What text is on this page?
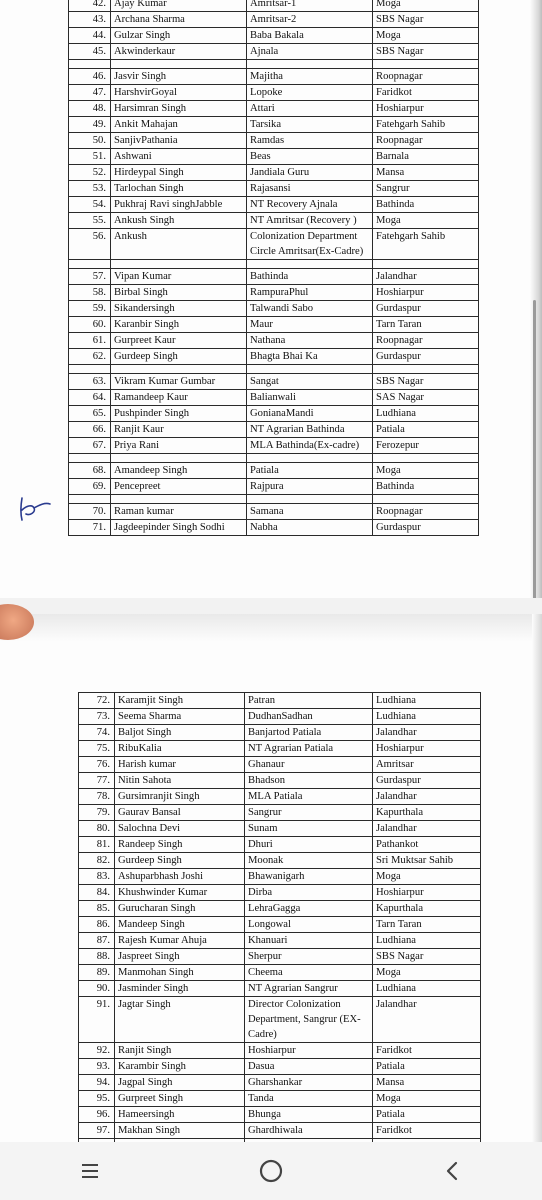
42.	Ajay Kumar	Amritsar-1	Moga
43.	Archana Sharma	Amritsar-2	SBS Nagar
44.	Gulzar Singh	Baba Bakala	Moga
45.	Akwinderkaur	Ajnala	SBS Nagar

46.	Jasvir Singh	Majitha	Roopnagar
47.	HarshvirGoyal	Lopoke	Faridkot
48.	Harsimran Singh	Attari	Hoshiarpur
49.	Ankit Mahajan	Tarsika	Fatehgarh Sahib
50.	SanjivPathania	Ramdas	Roopnagar
51.	Ashwani	Beas	Barnala
52.	Hirdeypal Singh	Jandiala Guru	Mansa
53.	Tarlochan Singh	Rajasansi	Sangrur
54.	Pukhraj Ravi singhJabble	NT Recovery Ajnala	Bathinda
55.	Ankush Singh	NT Amritsar (Recovery )	Moga
56.	Ankush	Colonization Department Circle Amritsar(Ex-Cadre)	Fatehgarh Sahib

57.	Vipan Kumar	Bathinda	Jalandhar
58.	Birbal Singh	RampuraPhul	Hoshiarpur
59.	Sikandersingh	Talwandi Sabo	Gurdaspur
60.	Karanbir Singh	Maur	Tarn Taran
61.	Gurpreet Kaur	Nathana	Roopnagar
62.	Gurdeep Singh	Bhagta Bhai Ka	Gurdaspur

63.	Vikram Kumar Gumbar	Sangat	SBS Nagar
64.	Ramandeep Kaur	Balianwali	SAS Nagar
65.	Pushpinder Singh	GonianaMandi	Ludhiana
66.	Ranjit Kaur	NT Agrarian Bathinda	Patiala
67.	Priya Rani	MLA Bathinda(Ex-cadre)	Ferozepur

68.	Amandeep Singh	Patiala	Moga
69.	Pencepreet	Rajpura	Bathinda

70.	Raman kumar	Samana	Roopnagar
71.	Jagdeepinder Singh Sodhi	Nabha	Gurdaspur
72.	Karamjit Singh	Patran	Ludhiana
73.	Seema Sharma	DudhanSadhan	Ludhiana
74.	Baljot Singh	Banjartod Patiala	Jalandhar
75.	RibuKalia	NT Agrarian Patiala	Hoshiarpur
76.	Harish kumar	Ghanaur	Amritsar
77.	Nitin Sahota	Bhadson	Gurdaspur
78.	Gursimranjit Singh	MLA Patiala	Jalandhar
79.	Gaurav Bansal	Sangrur	Kapurthala
80.	Salochna Devi	Sunam	Jalandhar
81.	Randeep Singh	Dhuri	Pathankot
82.	Gurdeep Singh	Moonak	Sri Muktsar Sahib
83.	Ashuparbhash Joshi	Bhawanigarh	Moga
84.	Khushwinder Kumar	Dirba	Hoshiarpur
85.	Gurucharan Singh	LehraGagga	Kapurthala
86.	Mandeep Singh	Longowal	Tarn Taran
87.	Rajesh Kumar Ahuja	Khanuari	Ludhiana
88.	Jaspreet Singh	Sherpur	SBS Nagar
89.	Manmohan Singh	Cheema	Moga
90.	Jasminder Singh	NT Agrarian Sangrur	Ludhiana
91.	Jagtar Singh	Director Colonization Department, Sangrur (EX-Cadre)	Jalandhar
92.	Ranjit Singh	Hoshiarpur	Faridkot
93.	Karambir Singh	Dasua	Patiala
94.	Jagpal Singh	Gharshankar	Mansa
95.	Gurpreet Singh	Tanda	Moga
96.	Hameersingh	Bhunga	Patiala
97.	Makhan Singh	Ghardhiwala	Faridkot
